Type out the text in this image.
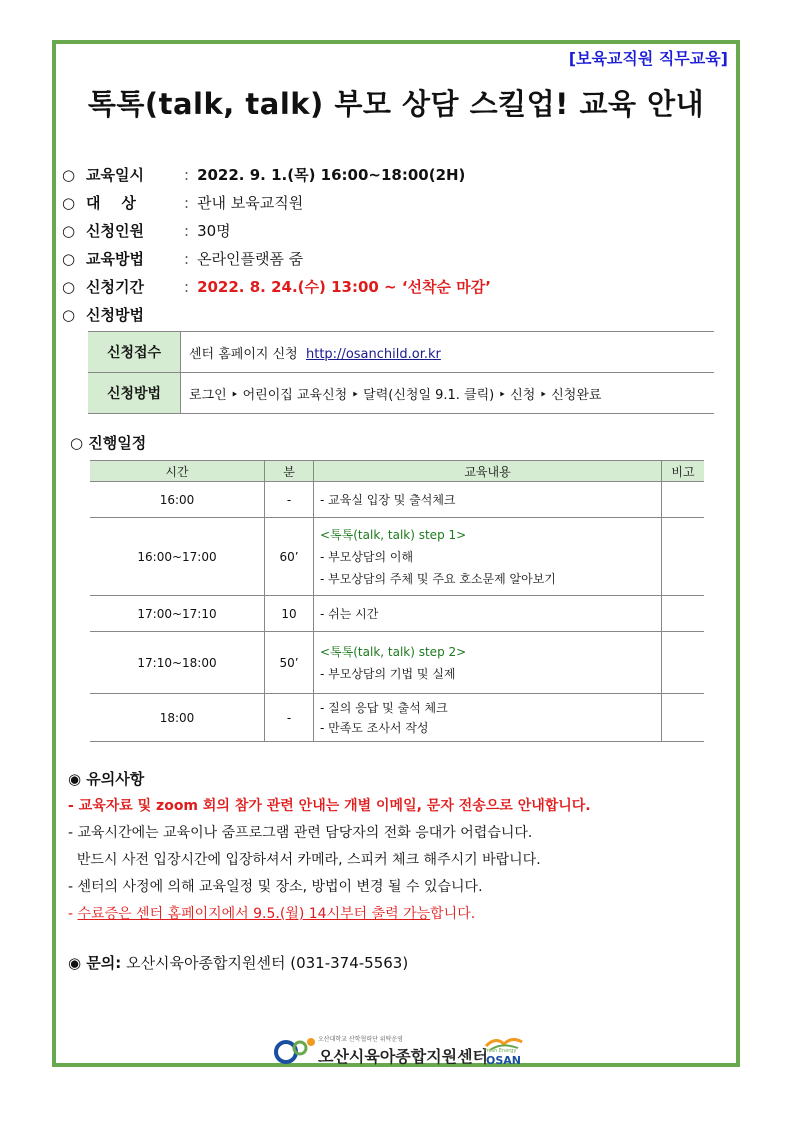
[보육교직원 직무교육]
톡톡(talk, talk) 부모 상담 스킬업! 교육 안내
○ 교육일시	: 2022. 9. 1.(목) 16:00~18:00(2H)
○ 대    상	: 관내 보육교직원
○ 신청인원	: 30명
○ 교육방법	: 온라인플랫폼 줌
○ 신청기간	: 2022. 8. 24.(수) 13:00 ~ ‘선착순 마감’
○ 신청방법
신청접수	센터 홈페이지 신청 http://osanchild.or.kr
신청방법	로그인 ‣ 어린이집 교육신청 ‣ 달력(신청일 9.1. 클릭) ‣ 신청 ‣ 신청완료
○ 진행일정
시간	분	교육내용	비고
16:00	-	- 교육실 입장 및 출석체크	

16:00~17:00	60’	<톡톡(talk, talk) step 1>
- 부모상담의 이해
- 부모상담의 주체 및 주요 호소문제 알아보기	

17:00~17:10	10	- 쉬는 시간	

17:10~18:00	50’	<톡톡(talk, talk) step 2>
- 부모상담의 기법 및 실제	

18:00	-	- 질의 응답 및 출석 체크
- 만족도 조사서 작성	

◉ 유의사항
- 교육자료 및 zoom 회의 참가 관련 안내는 개별 이메일, 문자 전송으로 안내합니다.
- 교육시간에는 교육이나 줌프로그램 관련 담당자의 전화 응대가 어렵습니다.
반드시 사전 입장시간에 입장하셔서 카메라, 스피커 체크 해주시기 바랍니다.
- 센터의 사정에 의해 교육일정 및 장소, 방법이 변경 될 수 있습니다.
- 수료증은 센터 홈페이지에서 9.5.(월) 14시부터 출력 가능합니다.
◉ 문의: 오산시육아종합지원센터 (031-374-5563)
오산대학교 산학협력단 위탁운영
오산시육아종합지원센터
Fresh Energy
OSAN
